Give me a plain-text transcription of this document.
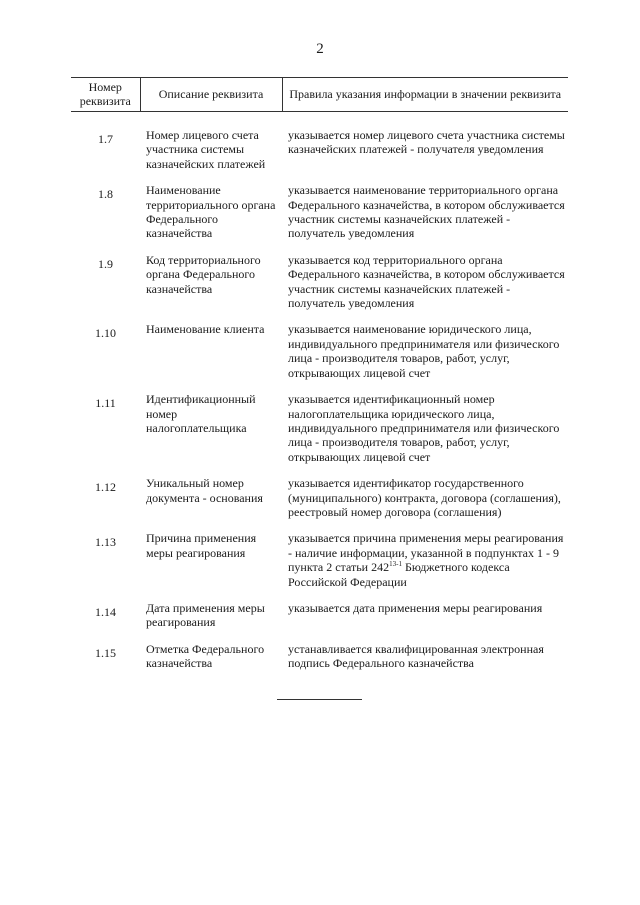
2
Номер реквизита	Описание реквизита	Правила указания информации в значении реквизита

1.7	Номер лицевого счета участника системы казначейских платежей	указывается номер лицевого счета участника системы казначейских платежей - получателя уведомления
1.8	Наименование территориального органа Федерального казначейства	указывается наименование территориального органа Федерального казначейства, в котором обслуживается участник системы казначейских платежей - получатель уведомления
1.9	Код территориального органа Федерального казначейства	указывается код территориального органа Федерального казначейства, в котором обслуживается участник системы казначейских платежей - получатель уведомления
1.10	Наименование клиента	указывается наименование юридического лица, индивидуального предпринимателя или физического лица - производителя товаров, работ, услуг, открывающих лицевой счет
1.11	Идентификационный номер налогоплательщика	указывается идентификационный номер налогоплательщика юридического лица, индивидуального предпринимателя или физического лица - производителя товаров, работ, услуг, открывающих лицевой счет
1.12	Уникальный номер документа - основания	указывается идентификатор государственного (муниципального) контракта, договора (соглашения), реестровый номер договора (соглашения)
1.13	Причина применения меры реагирования	указывается причина применения меры реагирования - наличие информации, указанной в подпунктах 1 - 9 пункта 2 статьи 242$^{13-1}$ Бюджетного кодекса Российской Федерации
1.14	Дата применения меры реагирования	указывается дата применения меры реагирования
1.15	Отметка Федерального казначейства	устанавливается квалифицированная электронная подпись Федерального казначейства
